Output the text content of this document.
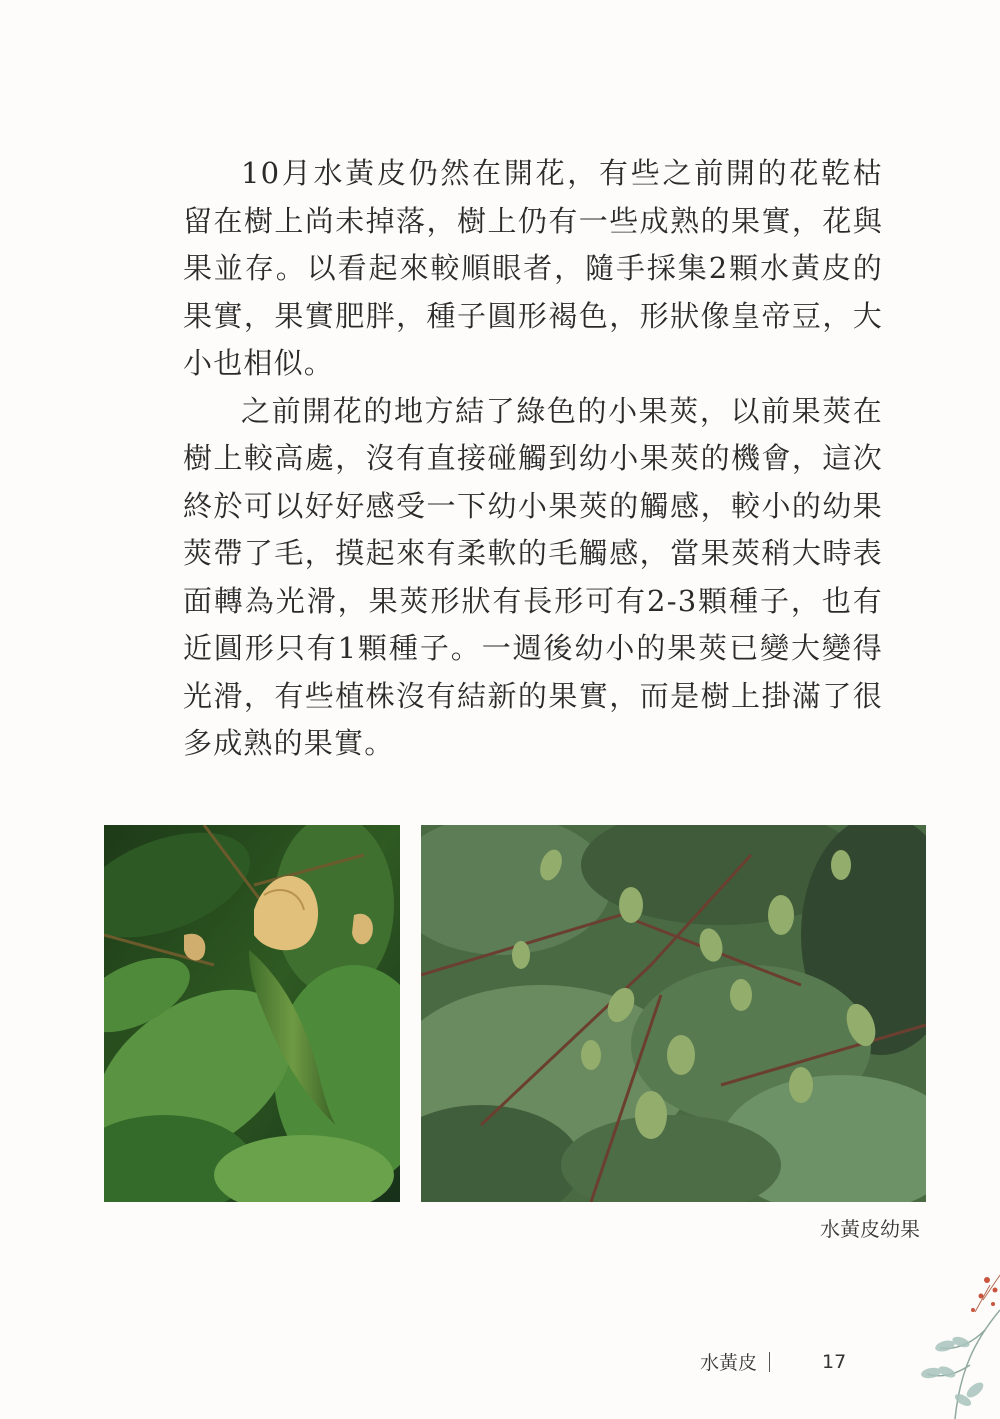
10月水黃皮仍然在開花，有些之前開的花乾枯留在樹上尚未掉落，樹上仍有一些成熟的果實，花與果並存。以看起來較順眼者，隨手採集2顆水黃皮的果實，果實肥胖，種子圓形褐色，形狀像皇帝豆，大小也相似。

之前開花的地方結了綠色的小果莢，以前果莢在樹上較高處，沒有直接碰觸到幼小果莢的機會，這次終於可以好好感受一下幼小果莢的觸感，較小的幼果莢帶了毛，摸起來有柔軟的毛觸感，當果莢稍大時表面轉為光滑，果莢形狀有長形可有2-3顆種子，也有近圓形只有1顆種子。一週後幼小的果莢已變大變得光滑，有些植株沒有結新的果實，而是樹上掛滿了很多成熟的果實。

水黃皮幼果
水黃皮	17
